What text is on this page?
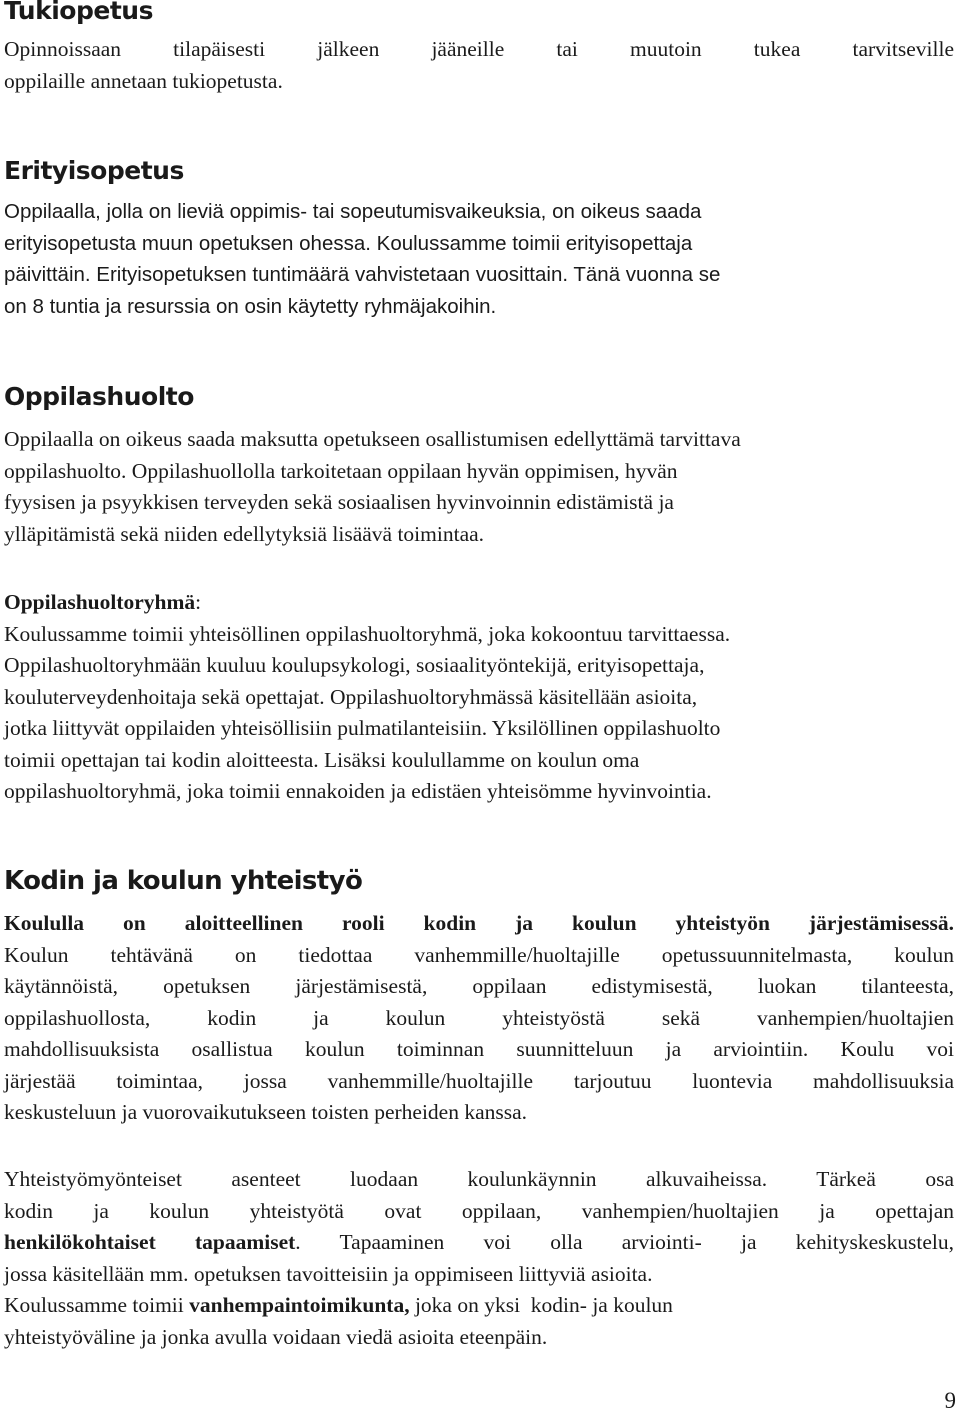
Tukiopetus
Opinnoissaan tilapäisesti jälkeen jääneille tai muutoin tukea tarvitseville
oppilaille annetaan tukiopetusta.
Erityisopetus
Oppilaalla, jolla on lieviä oppimis- tai sopeutumisvaikeuksia, on oikeus saada
erityisopetusta muun opetuksen ohessa. Koulussamme toimii erityisopettaja
päivittäin. Erityisopetuksen tuntimäärä vahvistetaan vuosittain. Tänä vuonna se
on 8 tuntia ja resurssia on osin käytetty ryhmäjakoihin.
Oppilashuolto
Oppilaalla on oikeus saada maksutta opetukseen osallistumisen edellyttämä tarvittava
oppilashuolto. Oppilashuollolla tarkoitetaan oppilaan hyvän oppimisen, hyvän
fyysisen ja psyykkisen terveyden sekä sosiaalisen hyvinvoinnin edistämistä ja
ylläpitämistä sekä niiden edellytyksiä lisäävä toimintaa.
Oppilashuoltoryhmä:
Koulussamme toimii yhteisöllinen oppilashuoltoryhmä, joka kokoontuu tarvittaessa.
Oppilashuoltoryhmään kuuluu koulupsykologi, sosiaalityöntekijä, erityisopettaja,
kouluterveydenhoitaja sekä opettajat. Oppilashuoltoryhmässä käsitellään asioita,
jotka liittyvät oppilaiden yhteisöllisiin pulmatilanteisiin. Yksilöllinen oppilashuolto
toimii opettajan tai kodin aloitteesta. Lisäksi koulullamme on koulun oma
oppilashuoltoryhmä, joka toimii ennakoiden ja edistäen yhteisömme hyvinvointia.
Kodin ja koulun yhteistyö
Koululla on aloitteellinen rooli kodin ja koulun yhteistyön järjestämisessä.
Koulun tehtävänä on tiedottaa vanhemmille/huoltajille opetussuunnitelmasta, koulun
käytännöistä, opetuksen järjestämisestä, oppilaan edistymisestä, luokan tilanteesta,
oppilashuollosta, kodin ja koulun yhteistyöstä sekä vanhempien/huoltajien
mahdollisuuksista osallistua koulun toiminnan suunnitteluun ja arviointiin. Koulu voi
järjestää toimintaa, jossa vanhemmille/huoltajille tarjoutuu luontevia mahdollisuuksia
keskusteluun ja vuorovaikutukseen toisten perheiden kanssa.
Yhteistyömyönteiset asenteet luodaan koulunkäynnin alkuvaiheissa. Tärkeä osa
kodin ja koulun yhteistyötä ovat oppilaan, vanhempien/huoltajien ja opettajan
henkilökohtaiset tapaamiset. Tapaaminen voi olla arviointi- ja kehityskeskustelu,
jossa käsitellään mm. opetuksen tavoitteisiin ja oppimiseen liittyviä asioita.
Koulussamme toimii vanhempaintoimikunta, joka on yksi  kodin- ja koulun
yhteistyöväline ja jonka avulla voidaan viedä asioita eteenpäin.
9
